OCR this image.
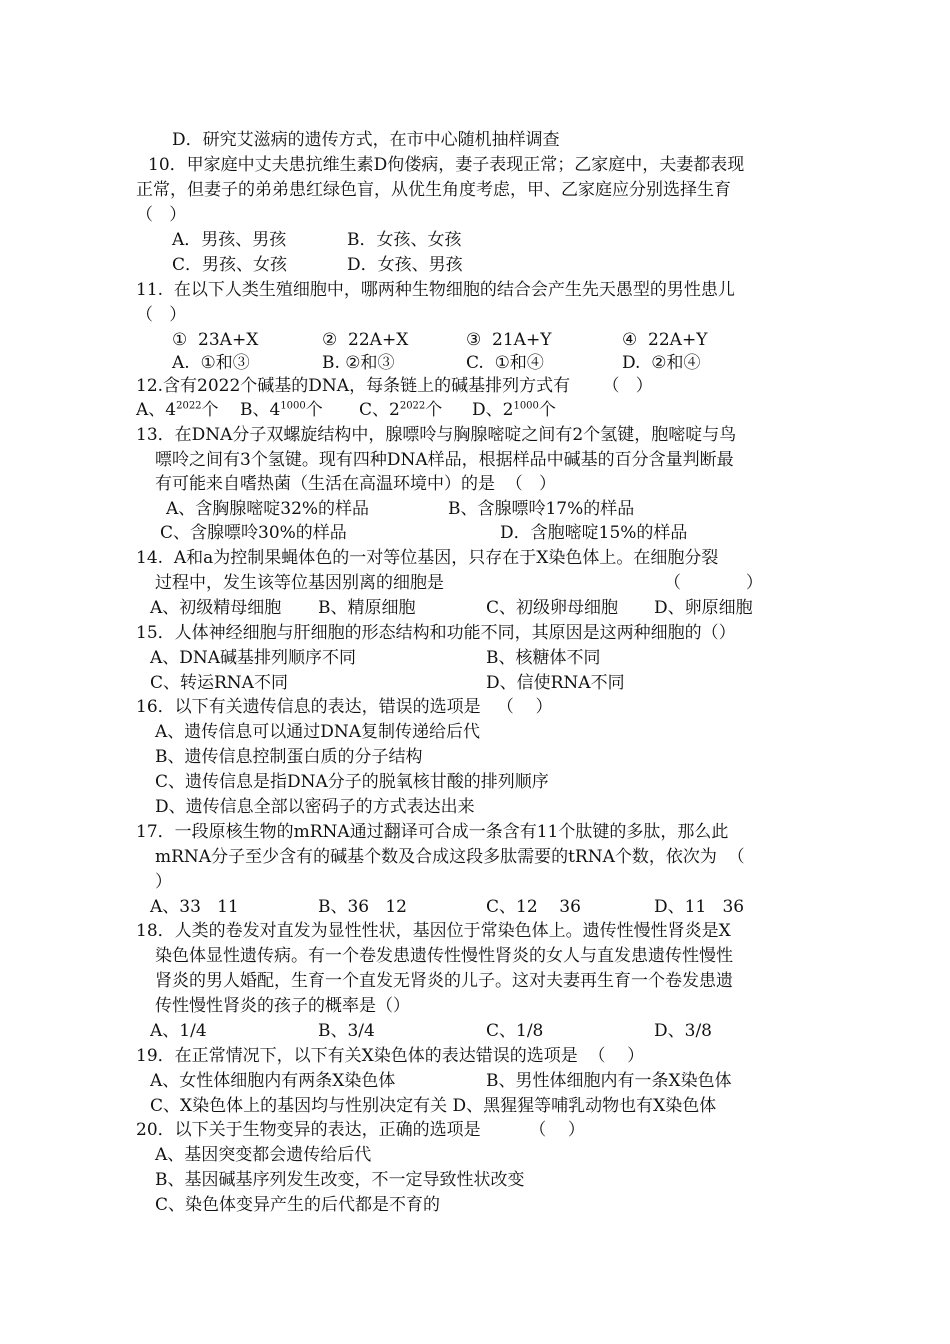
D．研究艾滋病的遗传方式，在市中心随机抽样调查
10．甲家庭中丈夫患抗维生素D佝偻病，妻子表现正常；乙家庭中，夫妻都表现
正常，但妻子的弟弟患红绿色盲，从优生角度考虑，甲、乙家庭应分别选择生育
（   ）
A．男孩、男孩	B．女孩、女孩
C．男孩、女孩	D．女孩、男孩
11.  在以下人类生殖细胞中，哪两种生物细胞的结合会产生先天愚型的男性患儿
（   ）
①  23A+X	②  22A+X	③  21A+Y	④  22A+Y
A.  ①和③	B. ②和③	C.  ①和④	D.  ②和④
12.含有2022个碱基的DNA，每条链上的碱基排列方式有      （   ）
A、$4^{2022}$个 B、$4^{1000}$个 C、$2^{2022}$个 D、$2^{1000}$个
13．在DNA分子双螺旋结构中，腺嘌呤与胸腺嘧啶之间有2个氢键，胞嘧啶与鸟
嘌呤之间有3个氢键。现有四种DNA样品，根据样品中碱基的百分含量判断最
有可能来自嗜热菌（生活在高温环境中）的是  （   ）
A、含胸腺嘧啶32%的样品	B、含腺嘌呤17%的样品
C、含腺嘌呤30%的样品	D．含胞嘧啶15%的样品
14.  A和a为控制果蝇体色的一对等位基因，只存在于X染色体上。在细胞分裂
过程中，发生该等位基因别离的细胞是	（            ）
A、初级精母细胞 B、精原细胞	C、初级卵母细胞 D、卵原细胞
15．人体神经细胞与肝细胞的形态结构和功能不同，其原因是这两种细胞的（）
A、DNA碱基排列顺序不同	B、核糖体不同
C、转运RNA不同	D、信使RNA不同
16．以下有关遗传信息的表达，错误的选项是   （    ）
A、遗传信息可以通过DNA复制传递给后代
B、遗传信息控制蛋白质的分子结构
C、遗传信息是指DNA分子的脱氧核甘酸的排列顺序
D、遗传信息全部以密码子的方式表达出来
17．一段原核生物的mRNA通过翻译可合成一条含有11个肽键的多肽，那么此
mRNA分子至少含有的碱基个数及合成这段多肽需要的tRNA个数，依次为  （
）
A、33   11	B、36   12	C、12    36	D、11   36
18．人类的卷发对直发为显性性状，基因位于常染色体上。遗传性慢性肾炎是X
染色体显性遗传病。有一个卷发患遗传性慢性肾炎的女人与直发患遗传性慢性
肾炎的男人婚配，生育一个直发无肾炎的儿子。这对夫妻再生育一个卷发患遗
传性慢性肾炎的孩子的概率是（）
A、1/4	B、3/4	C、1/8	D、3/8
19．在正常情况下，以下有关X染色体的表达错误的选项是  （    ）
A、女性体细胞内有两条X染色体	B、男性体细胞内有一条X染色体
C、X染色体上的基因均与性别决定有关 D、黑猩猩等哺乳动物也有X染色体
20．以下关于生物变异的表达，正确的选项是         （    ）
A、基因突变都会遗传给后代
B、基因碱基序列发生改变，不一定导致性状改变
C、染色体变异产生的后代都是不育的
